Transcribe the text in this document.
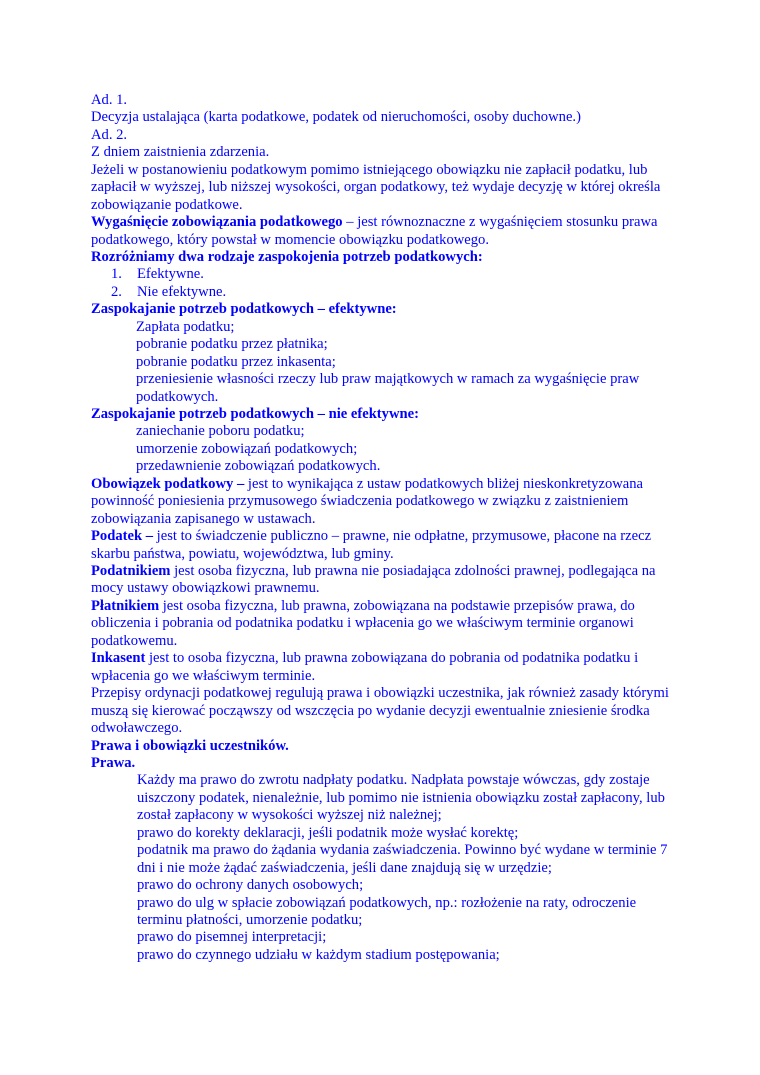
Ad. 1.
Decyzja ustalająca (karta podatkowe, podatek od nieruchomości, osoby duchowne.)
Ad. 2.
Z dniem zaistnienia zdarzenia.
Jeżeli w postanowieniu podatkowym pomimo istniejącego obowiązku nie zapłacił podatku, lub zapłacił w wyższej, lub niższej wysokości, organ podatkowy, też wydaje decyzję w której określa zobowiązanie podatkowe.
Wygaśnięcie zobowiązania podatkowego – jest równoznaczne z wygaśnięciem stosunku prawa podatkowego, który powstał w momencie obowiązku podatkowego.
Rozróżniamy dwa rodzaje zaspokojenia potrzeb podatkowych:
1. Efektywne.
2. Nie efektywne.
Zaspokajanie potrzeb podatkowych – efektywne:
Zapłata podatku;
pobranie podatku przez płatnika;
pobranie podatku przez inkasenta;
przeniesienie własności rzeczy lub praw majątkowych w ramach za wygaśnięcie praw podatkowych.
Zaspokajanie potrzeb podatkowych – nie efektywne:
zaniechanie poboru podatku;
umorzenie zobowiązań podatkowych;
przedawnienie zobowiązań podatkowych.
Obowiązek podatkowy – jest to wynikająca z ustaw podatkowych bliżej nieskonkretyzowana powinność poniesienia przymusowego świadczenia podatkowego w związku z zaistnieniem zobowiązania zapisanego w ustawach.
Podatek – jest to świadczenie publiczno – prawne, nie odpłatne, przymusowe, płacone na rzecz skarbu państwa, powiatu, województwa, lub gminy.
Podatnikiem jest osoba fizyczna, lub prawna nie posiadająca zdolności prawnej, podlegająca na mocy ustawy obowiązkowi prawnemu.
Płatnikiem jest osoba fizyczna, lub prawna, zobowiązana na podstawie przepisów prawa, do obliczenia i pobrania od podatnika podatku i wpłacenia go we właściwym terminie organowi podatkowemu.
Inkasent jest to osoba fizyczna, lub prawna zobowiązana do pobrania od podatnika podatku i wpłacenia go we właściwym terminie.
Przepisy ordynacji podatkowej regulują prawa i obowiązki uczestnika, jak również zasady którymi muszą się kierować począwszy od wszczęcia po wydanie decyzji ewentualnie zniesienie środka odwoławczego.
Prawa i obowiązki uczestników.
Prawa.
Każdy ma prawo do zwrotu nadpłaty podatku. Nadpłata powstaje wówczas, gdy zostaje uiszczony podatek, nienależnie, lub pomimo nie istnienia obowiązku został zapłacony, lub został zapłacony w wysokości wyższej niż należnej;
prawo do korekty deklaracji, jeśli podatnik może wysłać korektę;
podatnik ma prawo do żądania wydania zaświadczenia. Powinno być wydane w terminie 7 dni i nie może żądać zaświadczenia, jeśli dane znajdują się w urzędzie;
prawo do ochrony danych osobowych;
prawo do ulg w spłacie zobowiązań podatkowych, np.: rozłożenie na raty, odroczenie terminu płatności, umorzenie podatku;
prawo do pisemnej interpretacji;
prawo do czynnego udziału w każdym stadium postępowania;
